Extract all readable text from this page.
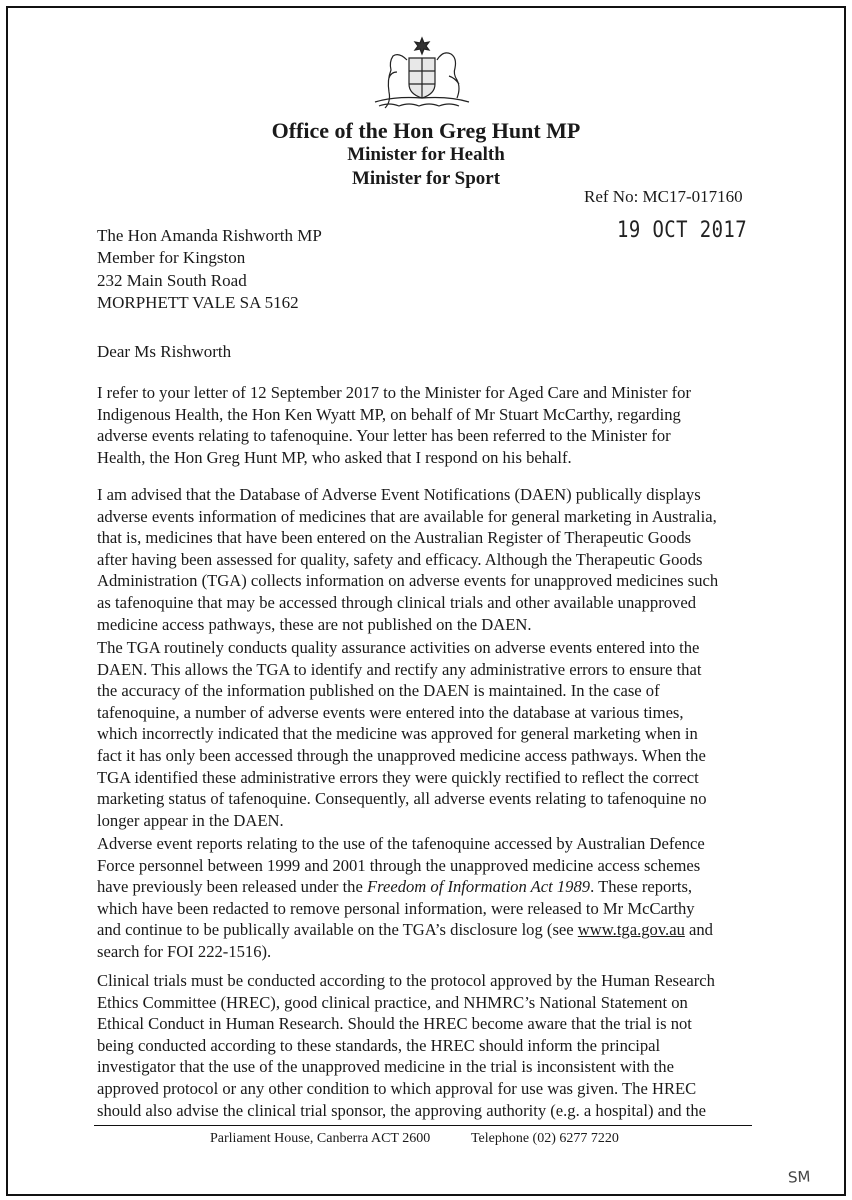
Office of the Hon Greg Hunt MP
Minister for Health
Minister for Sport
Ref No: MC17-017160
19 OCT 2017
The Hon Amanda Rishworth MP
Member for Kingston
232 Main South Road
MORPHETT VALE SA 5162
Dear Ms Rishworth
I refer to your letter of 12 September 2017 to the Minister for Aged Care and Minister for
Indigenous Health, the Hon Ken Wyatt MP, on behalf of Mr Stuart McCarthy, regarding
adverse events relating to tafenoquine. Your letter has been referred to the Minister for
Health, the Hon Greg Hunt MP, who asked that I respond on his behalf.
I am advised that the Database of Adverse Event Notifications (DAEN) publically displays
adverse events information of medicines that are available for general marketing in Australia,
that is, medicines that have been entered on the Australian Register of Therapeutic Goods
after having been assessed for quality, safety and efficacy. Although the Therapeutic Goods
Administration (TGA) collects information on adverse events for unapproved medicines such
as tafenoquine that may be accessed through clinical trials and other available unapproved
medicine access pathways, these are not published on the DAEN.
The TGA routinely conducts quality assurance activities on adverse events entered into the
DAEN. This allows the TGA to identify and rectify any administrative errors to ensure that
the accuracy of the information published on the DAEN is maintained. In the case of
tafenoquine, a number of adverse events were entered into the database at various times,
which incorrectly indicated that the medicine was approved for general marketing when in
fact it has only been accessed through the unapproved medicine access pathways. When the
TGA identified these administrative errors they were quickly rectified to reflect the correct
marketing status of tafenoquine. Consequently, all adverse events relating to tafenoquine no
longer appear in the DAEN.
Adverse event reports relating to the use of the tafenoquine accessed by Australian Defence
Force personnel between 1999 and 2001 through the unapproved medicine access schemes
have previously been released under the Freedom of Information Act 1989. These reports,
which have been redacted to remove personal information, were released to Mr McCarthy
and continue to be publically available on the TGA’s disclosure log (see www.tga.gov.au and
search for FOI 222-1516).
Clinical trials must be conducted according to the protocol approved by the Human Research
Ethics Committee (HREC), good clinical practice, and NHMRC’s National Statement on
Ethical Conduct in Human Research. Should the HREC become aware that the trial is not
being conducted according to these standards, the HREC should inform the principal
investigator that the use of the unapproved medicine in the trial is inconsistent with the
approved protocol or any other condition to which approval for use was given. The HREC
should also advise the clinical trial sponsor, the approving authority (e.g. a hospital) and the
Parliament House, Canberra ACT 2600	Telephone (02) 6277 7220
SM
